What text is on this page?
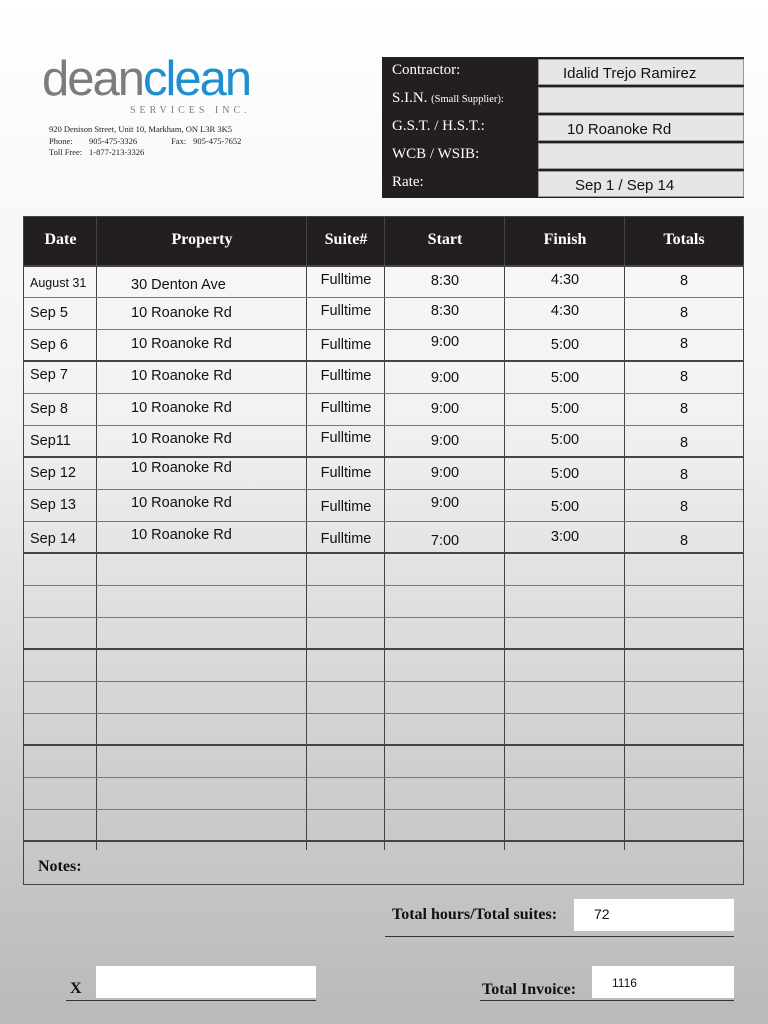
deanclean
SERVICES INC.
920 Denison Street, Unit 10, Markham, ON L3R 3K5
Phone:	905-475-3326	Fax: 905-475-7652
Toll Free: 1-877-213-3326
Contractor:	Idalid Trejo Ramirez
S.I.N. (Small Supplier):
G.S.T. / H.S.T.:	10 Roanoke Rd
WCB / WSIB:
Rate:	Sep 1 / Sep 14
Date	Property	Suite#	Start	Finish	Totals
August 31	30 Denton Ave	Fulltime	8:30	4:30	8
Sep 5	10 Roanoke Rd	Fulltime	8:30	4:30	8
Sep 6	10 Roanoke Rd	Fulltime	9:00	5:00	8
Sep 7	10 Roanoke Rd	Fulltime	9:00	5:00	8
Sep 8	10 Roanoke Rd	Fulltime	9:00	5:00	8
Sep11	10 Roanoke Rd	Fulltime	9:00	5:00	8
Sep 12	10 Roanoke Rd	Fulltime	9:00	5:00	8
Sep 13	10 Roanoke Rd	Fulltime	9:00	5:00	8
Sep 14	10 Roanoke Rd	Fulltime	7:00	3:00	8
Notes:
Total hours/Total suites:	72
X	Total Invoice:	1116
